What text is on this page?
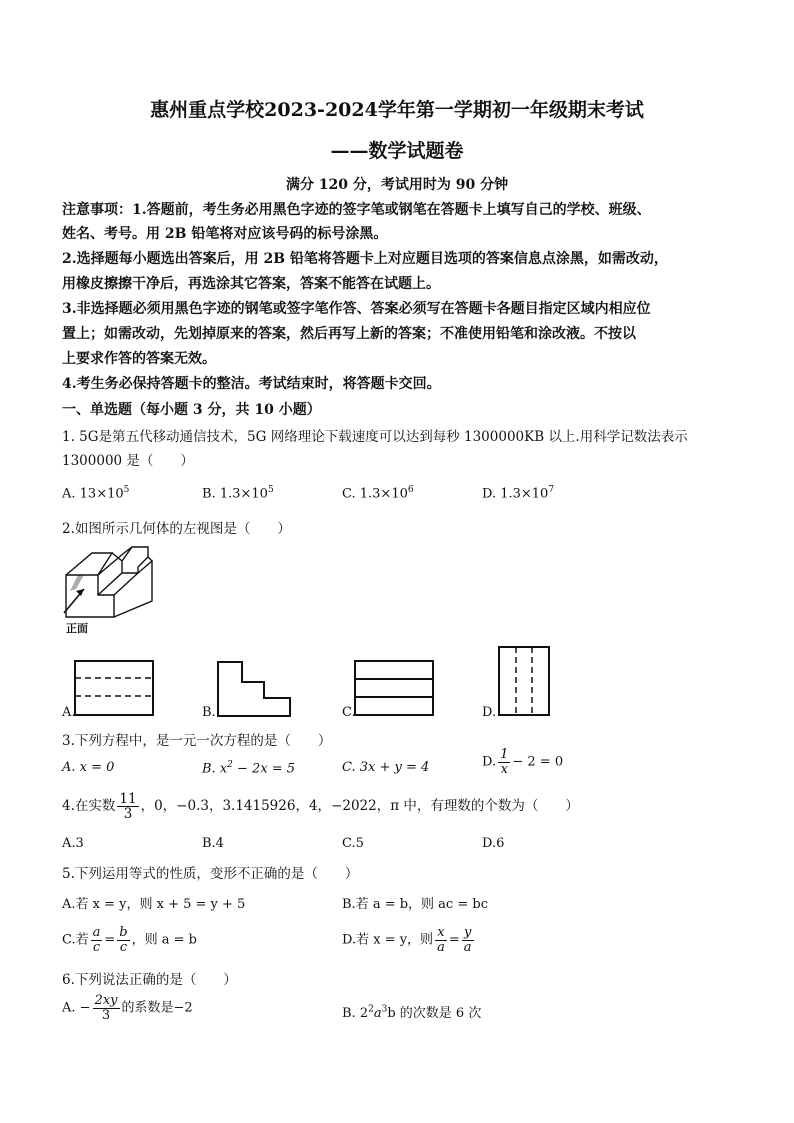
惠州重点学校2023-2024学年第一学期初一年级期末考试
——数学试题卷
满分 120 分，考试用时为 90 分钟
注意事项：1.答题前，考生务必用黑色字迹的签字笔或钢笔在答题卡上填写自己的学校、班级、
姓名、考号。用 2B 铅笔将对应该号码的标号涂黑。
2.选择题每小题选出答案后，用 2B 铅笔将答题卡上对应题目选项的答案信息点涂黑，如需改动，
用橡皮擦擦干净后，再选涂其它答案，答案不能答在试题上。
3.非选择题必须用黑色字迹的钢笔或签字笔作答、答案必须写在答题卡各题目指定区域内相应位
置上；如需改动，先划掉原来的答案，然后再写上新的答案；不准使用铅笔和涂改液。不按以
上要求作答的答案无效。
4.考生务必保持答题卡的整洁。考试结束时，将答题卡交回。
一、单选题（每小题 3 分，共 10 小题）
1. 5G是第五代移动通信技术，5G 网络理论下载速度可以达到每秒 1300000KB 以上.用科学记数法表示
1300000 是（　　）
A. $13\times 10^5$	B. $1.3\times 10^5$	C. $1.3\times 10^6$	D. $1.3\times 10^7$
2.如图所示几何体的左视图是（　　）
正面
A.	B.	C.	D.
3.下列方程中，是一元一次方程的是（　　）
A. x = 0	B. $x^2 - 2x = 5$	C. 3x + y = 4	D. $\frac{1}{x} - 2 = 0$
4.在实数 $\frac{11}{3}$ ，0，−0.3，3.1415926，4，−2022，π 中，有理数的个数为（　　）
A.3	B.4	C.5	D.6
5.下列运用等式的性质，变形不正确的是（　　）
A.若 x = y，则 x + 5 = y + 5	B.若 a = b，则 ac = bc
C.若 $\frac{a}{c} = \frac{b}{c}$ ，则 a = b	D.若 x = y，则 $\frac{x}{a} = \frac{y}{a}$
6.下列说法正确的是（　　）
A. − $\frac{2xy}{3}$ 的系数是−2	B. $2^2a^3b$ 的次数是 6 次
